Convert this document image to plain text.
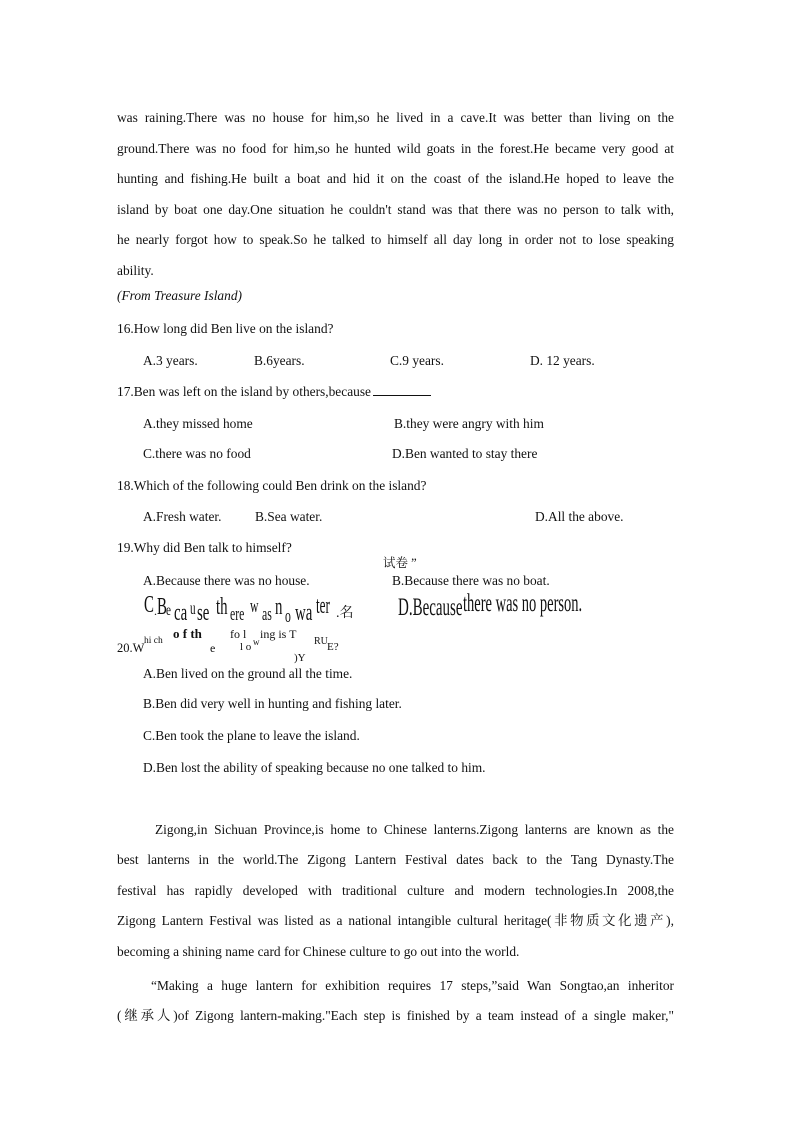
was raining.There was no house for him,so he lived in a cave.It was better than living on the
ground.There was no food for him,so he hunted wild goats in the forest.He became very good at
hunting and fishing.He built a boat and hid it on the coast of the island.He hoped to leave the
island by boat one day.One situation he couldn't stand was that there was no person to talk with,
he nearly forgot how to speak.So he talked to himself all day long in order not to lose speaking
ability.
(From Treasure Island)
16.How long did Ben live on the island?
A.3 years.	B.6years.	C.9 years.	D. 12 years.
17.Ben was left on the island by others,because
A.they missed home	B.they were angry with him
C.there was no food	D.Ben wanted to stay there
18.Which of the following could Ben drink on the island?
A.Fresh water.	B.Sea water.	D.All the above.
19.Why did Ben talk to himself?
试卷 ”
A.Because there was no house.	B.Because there was no boat.
C . B e ca u se th ere w as n o wa ter .名 D.Because there was no person.
20.W hi ch o f th
e
fo l
l o w
ing is T
RU E?
)Y
A.Ben lived on the ground all the time.
B.Ben did very well in hunting and fishing later.
C.Ben took the plane to leave the island.
D.Ben lost the ability of speaking because no one talked to him.
Zigong,in Sichuan Province,is home to Chinese lanterns.Zigong lanterns are known as the
best lanterns in the world.The Zigong Lantern Festival dates back to the Tang Dynasty.The
festival has rapidly developed with traditional culture and modern technologies.In 2008,the
Zigong Lantern Festival was listed as a national intangible cultural heritage(非物质文化遗产),
becoming a shining name card for Chinese culture to go out into the world.
“Making a huge lantern for exhibition requires 17 steps,”said Wan Songtao,an inheritor
(继承人)of Zigong lantern-making."Each step is finished by a team instead of a single maker,"
